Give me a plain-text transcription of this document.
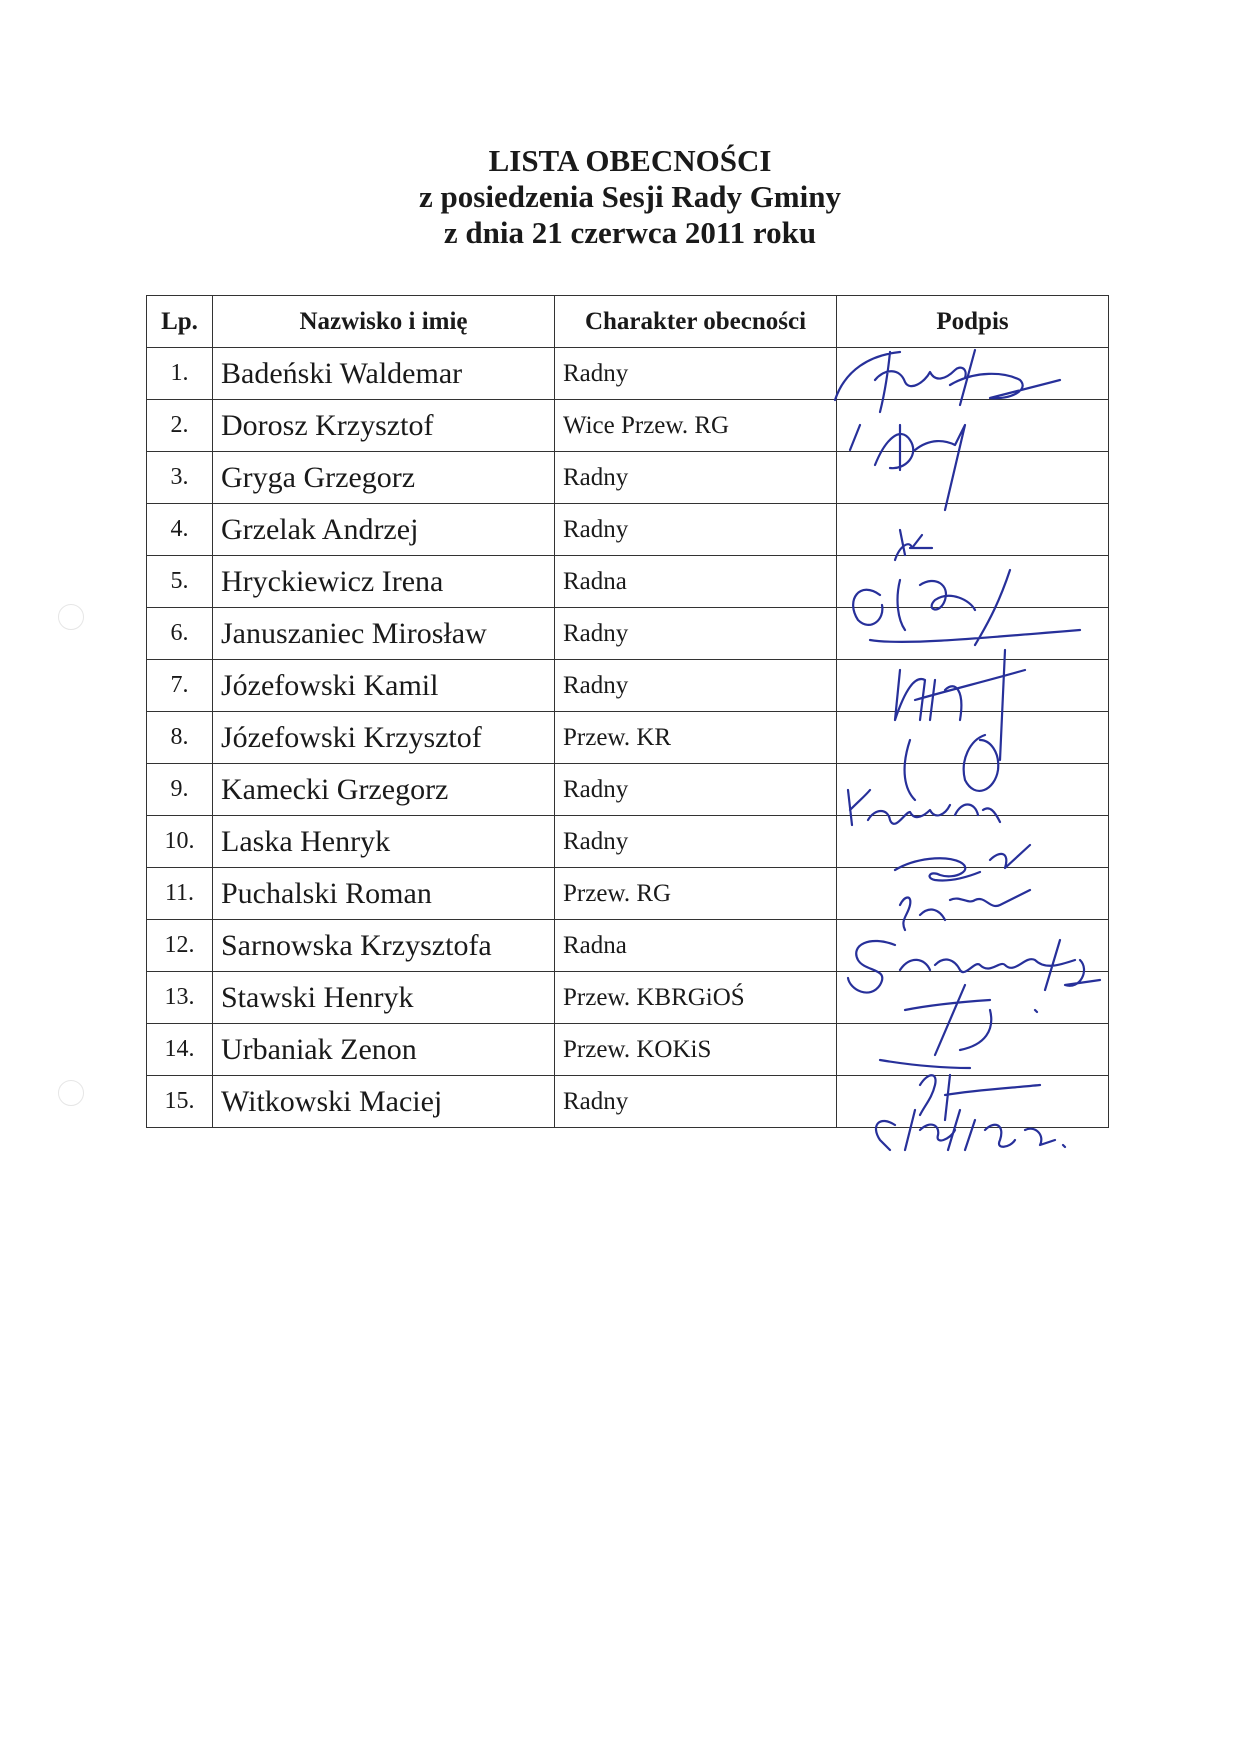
LISTA OBECNOŚCI
z posiedzenia Sesji Rady Gminy
z dnia 21 czerwca 2011 roku
Lp.	Nazwisko i imię	Charakter obecności	Podpis
1.	Badeński Waldemar	Radny	
2.	Dorosz Krzysztof	Wice Przew. RG	
3.	Gryga Grzegorz	Radny	
4.	Grzelak Andrzej	Radny	
5.	Hryckiewicz Irena	Radna	
6.	Januszaniec Mirosław	Radny	
7.	Józefowski Kamil	Radny	
8.	Józefowski Krzysztof	Przew. KR	
9.	Kamecki Grzegorz	Radny	
10.	Laska Henryk	Radny	
11.	Puchalski Roman	Przew. RG	
12.	Sarnowska Krzysztofa	Radna	
13.	Stawski Henryk	Przew. KBRGiOŚ	
14.	Urbaniak Zenon	Przew. KOKiS	
15.	Witkowski Maciej	Radny	
